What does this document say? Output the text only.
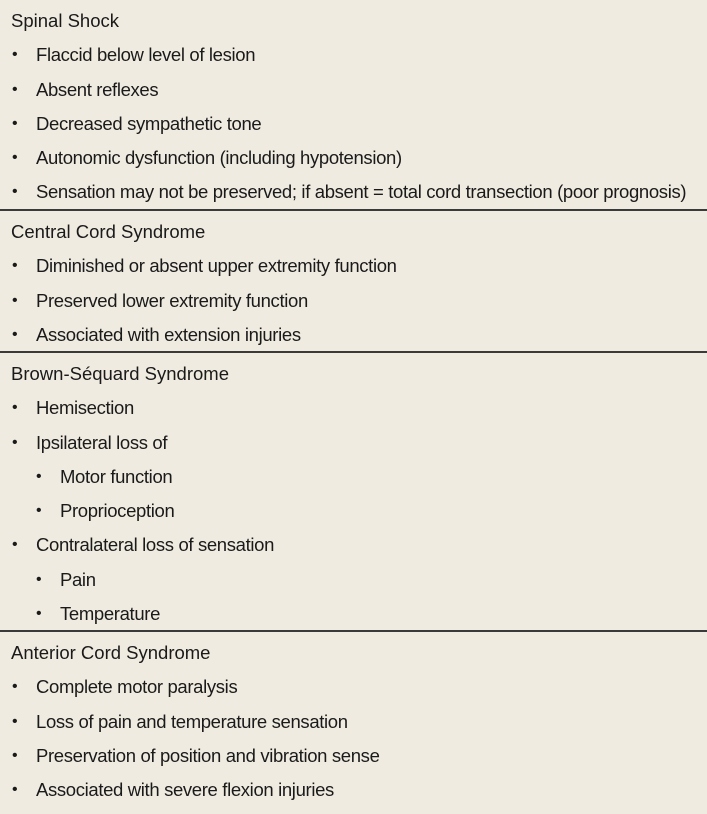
Spinal Shock
• Flaccid below level of lesion
• Absent reflexes
• Decreased sympathetic tone
• Autonomic dysfunction (including hypotension)
• Sensation may not be preserved; if absent = total cord transection (poor prognosis)
Central Cord Syndrome
• Diminished or absent upper extremity function
• Preserved lower extremity function
• Associated with extension injuries
Brown-Séquard Syndrome
• Hemisection
• Ipsilateral loss of
• Motor function
• Proprioception
• Contralateral loss of sensation
• Pain
• Temperature
Anterior Cord Syndrome
• Complete motor paralysis
• Loss of pain and temperature sensation
• Preservation of position and vibration sense
• Associated with severe flexion injuries
